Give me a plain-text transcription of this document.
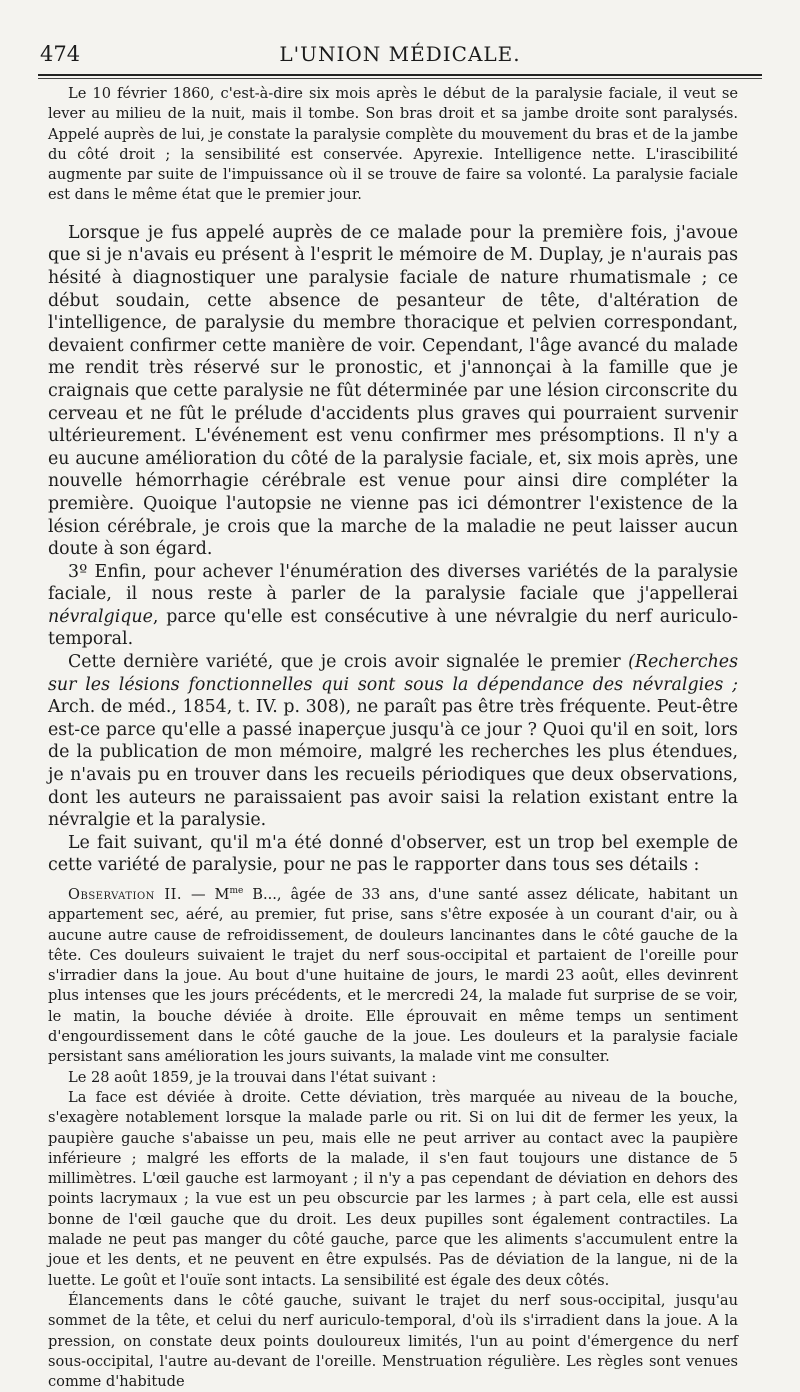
474	L'UNION MÉDICALE.

Le 10 février 1860, c'est-à-dire six mois après le début de la paralysie faciale, il veut se lever au milieu de la nuit, mais il tombe. Son bras droit et sa jambe droite sont paralysés. Appelé auprès de lui, je constate la paralysie complète du mouvement du bras et de la jambe du côté droit ; la sensibilité est conservée. Apyrexie. Intelligence nette. L'irascibilité augmente par suite de l'impuissance où il se trouve de faire sa volonté. La paralysie faciale est dans le même état que le premier jour.

Lorsque je fus appelé auprès de ce malade pour la première fois, j'avoue que si je n'avais eu présent à l'esprit le mémoire de M. Duplay, je n'aurais pas hésité à diagnostiquer une paralysie faciale de nature rhumatismale ; ce début soudain, cette absence de pesanteur de tête, d'altération de l'intelligence, de paralysie du membre thoracique et pelvien correspondant, devaient confirmer cette manière de voir. Cependant, l'âge avancé du malade me rendit très réservé sur le pronostic, et j'annonçai à la famille que je craignais que cette paralysie ne fût déterminée par une lésion circonscrite du cerveau et ne fût le prélude d'accidents plus graves qui pourraient survenir ultérieurement. L'événement est venu confirmer mes présomptions. Il n'y a eu aucune amélioration du côté de la paralysie faciale, et, six mois après, une nouvelle hémorrhagie cérébrale est venue pour ainsi dire compléter la première. Quoique l'autopsie ne vienne pas ici démontrer l'existence de la lésion cérébrale, je crois que la marche de la maladie ne peut laisser aucun doute à son égard.

3º Enfin, pour achever l'énumération des diverses variétés de la paralysie faciale, il nous reste à parler de la paralysie faciale que j'appellerai névralgique, parce qu'elle est consécutive à une névralgie du nerf auriculo-temporal.

Cette dernière variété, que je crois avoir signalée le premier (Recherches sur les lésions fonctionnelles qui sont sous la dépendance des névralgies ; Arch. de méd., 1854, t. IV. p. 308), ne paraît pas être très fréquente. Peut-être est-ce parce qu'elle a passé inaperçue jusqu'à ce jour ? Quoi qu'il en soit, lors de la publication de mon mémoire, malgré les recherches les plus étendues, je n'avais pu en trouver dans les recueils périodiques que deux observations, dont les auteurs ne paraissaient pas avoir saisi la relation existant entre la névralgie et la paralysie.

Le fait suivant, qu'il m'a été donné d'observer, est un trop bel exemple de cette variété de paralysie, pour ne pas le rapporter dans tous ses détails :

Observation II. — $M^{me}$ B..., âgée de 33 ans, d'une santé assez délicate, habitant un appartement sec, aéré, au premier, fut prise, sans s'être exposée à un courant d'air, ou à aucune autre cause de refroidissement, de douleurs lancinantes dans le côté gauche de la tête. Ces douleurs suivaient le trajet du nerf sous-occipital et partaient de l'oreille pour s'irradier dans la joue. Au bout d'une huitaine de jours, le mardi 23 août, elles devinrent plus intenses que les jours précédents, et le mercredi 24, la malade fut surprise de se voir, le matin, la bouche déviée à droite. Elle éprouvait en même temps un sentiment d'engourdissement dans le côté gauche de la joue. Les douleurs et la paralysie faciale persistant sans amélioration les jours suivants, la malade vint me consulter.

Le 28 août 1859, je la trouvai dans l'état suivant :

La face est déviée à droite. Cette déviation, très marquée au niveau de la bouche, s'exagère notablement lorsque la malade parle ou rit. Si on lui dit de fermer les yeux, la paupière gauche s'abaisse un peu, mais elle ne peut arriver au contact avec la paupière inférieure ; malgré les efforts de la malade, il s'en faut toujours une distance de 5 millimètres. L'œil gauche est larmoyant ; il n'y a pas cependant de déviation en dehors des points lacrymaux ; la vue est un peu obscurcie par les larmes ; à part cela, elle est aussi bonne de l'œil gauche que du droit. Les deux pupilles sont également contractiles. La malade ne peut pas manger du côté gauche, parce que les aliments s'accumulent entre la joue et les dents, et ne peuvent en être expulsés. Pas de déviation de la langue, ni de la luette. Le goût et l'ouïe sont intacts. La sensibilité est égale des deux côtés.

Élancements dans le côté gauche, suivant le trajet du nerf sous-occipital, jusqu'au sommet de la tête, et celui du nerf auriculo-temporal, d'où ils s'irradient dans la joue. A la pression, on constate deux points douloureux limités, l'un au point d'émergence du nerf sous-occipital, l'autre au-devant de l'oreille. Menstruation régulière. Les règles sont venues comme d'habitude
